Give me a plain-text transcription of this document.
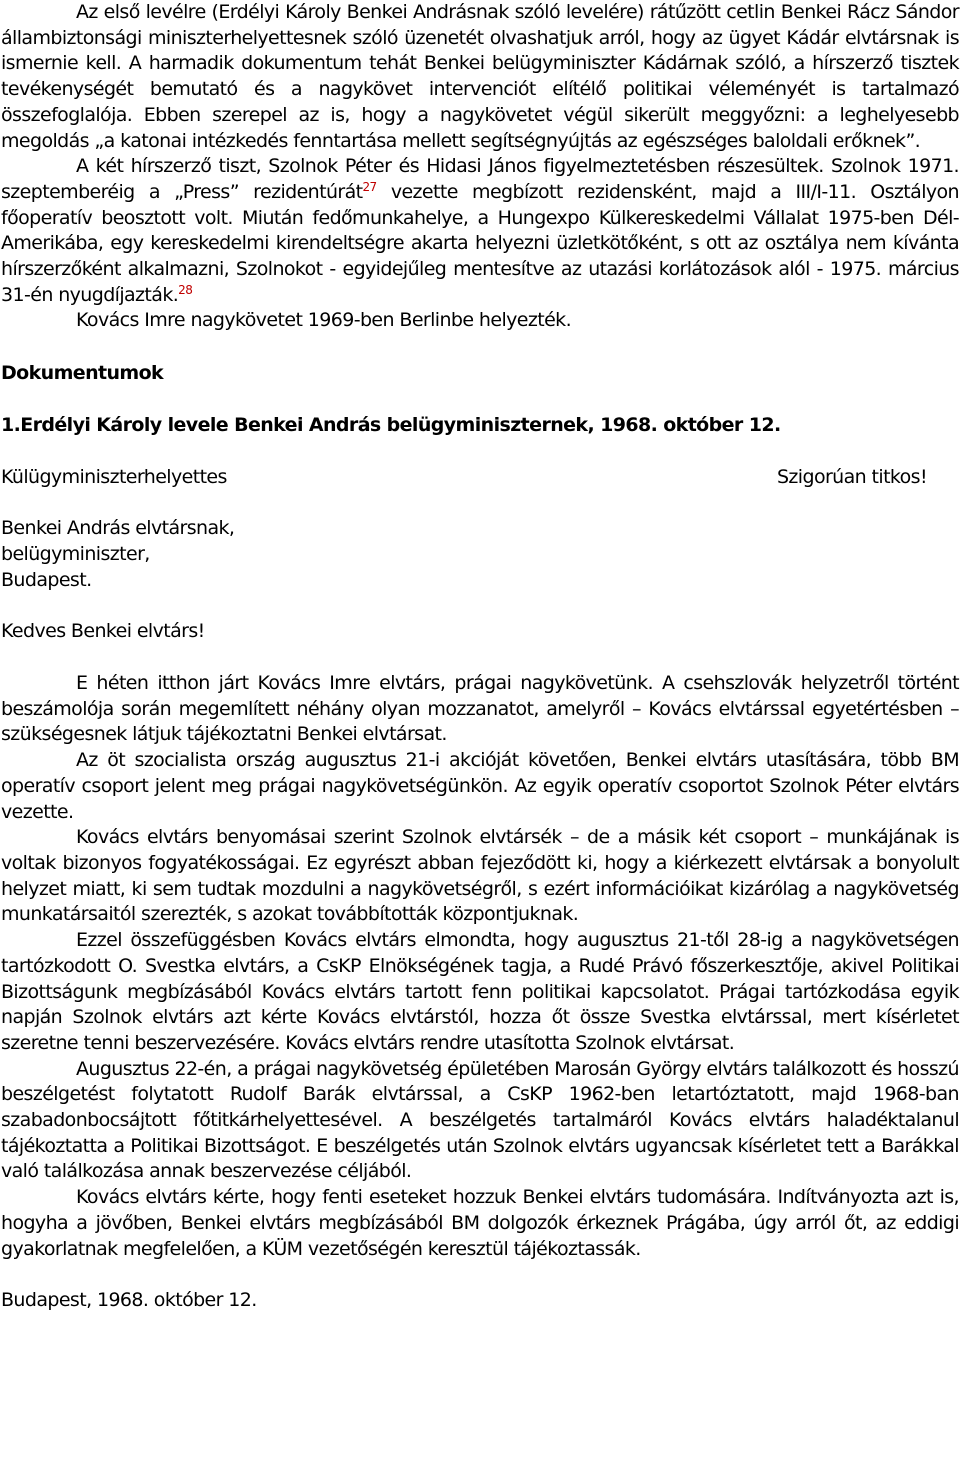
Az első levélre (Erdélyi Károly Benkei Andrásnak szóló levelére) rátűzött cetlin Benkei Rácz Sándor állambiztonsági miniszterhelyettesnek szóló üzenetét olvashatjuk arról, hogy az ügyet Kádár elvtársnak is ismernie kell. A harmadik dokumentum tehát Benkei belügyminiszter Kádárnak szóló, a hírszerző tisztek tevékenységét bemutató és a nagykövet intervenciót elítélő politikai véleményét is tartalmazó összefoglalója. Ebben szerepel az is, hogy a nagykövetet végül sikerült meggyőzni: a leghelyesebb megoldás „a katonai intézkedés fenntartása mellett segítségnyújtás az egészséges baloldali erőknek”.

A két hírszerző tiszt, Szolnok Péter és Hidasi János figyelmeztetésben részesültek. Szolnok 1971. szeptemberéig a „Press” rezidentúrát$^{27}$ vezette megbízott rezidensként, majd a III/I-11. Osztályon főoperatív beosztott volt. Miután fedőmunkahelye, a Hungexpo Külkereskedelmi Vállalat 1975-ben Dél-Amerikába, egy kereskedelmi kirendeltségre akarta helyezni üzletkötőként, s ott az osztálya nem kívánta hírszerzőként alkalmazni, Szolnokot - egyidejűleg mentesítve az utazási korlátozások alól - 1975. március 31-én nyugdíjazták.$^{28}$

Kovács Imre nagykövetet 1969-ben Berlinbe helyezték.

Dokumentumok
1.Erdélyi Károly levele Benkei András belügyminiszternek, 1968. október 12.
Külügyminiszterhelyettes	Szigorúan titkos!

Benkei András elvtársnak,

belügyminiszter,

Budapest.

Kedves Benkei elvtárs!

E héten itthon járt Kovács Imre elvtárs, prágai nagykövetünk. A csehszlovák helyzetről történt beszámolója során megemlített néhány olyan mozzanatot, amelyről – Kovács elvtárssal egyetértésben – szükségesnek látjuk tájékoztatni Benkei elvtársat.

Az öt szocialista ország augusztus 21-i akcióját követően, Benkei elvtárs utasítására, több BM operatív csoport jelent meg prágai nagykövetségünkön. Az egyik operatív csoportot Szolnok Péter elvtárs vezette.

Kovács elvtárs benyomásai szerint Szolnok elvtársék – de a másik két csoport – munkájának is voltak bizonyos fogyatékosságai. Ez egyrészt abban fejeződött ki, hogy a kiérkezett elvtársak a bonyolult helyzet miatt, ki sem tudtak mozdulni a nagykövetségről, s ezért információikat kizárólag a nagykövetség munkatársaitól szerezték, s azokat továbbították központjuknak.

Ezzel összefüggésben Kovács elvtárs elmondta, hogy augusztus 21-től 28-ig a nagykövetségen tartózkodott O. Svestka elvtárs, a CsKP Elnökségének tagja, a Rudé Právó főszerkesztője, akivel Politikai Bizottságunk megbízásából Kovács elvtárs tartott fenn politikai kapcsolatot. Prágai tartózkodása egyik napján Szolnok elvtárs azt kérte Kovács elvtárstól, hozza őt össze Svestka elvtárssal, mert kísérletet szeretne tenni beszervezésére. Kovács elvtárs rendre utasította Szolnok elvtársat.

Augusztus 22-én, a prágai nagykövetség épületében Marosán György elvtárs találkozott és hosszú beszélgetést folytatott Rudolf Barák elvtárssal, a CsKP 1962-ben letartóztatott, majd 1968-ban szabadonbocsájtott főtitkárhelyettesével. A beszélgetés tartalmáról Kovács elvtárs haladéktalanul tájékoztatta a Politikai Bizottságot. E beszélgetés után Szolnok elvtárs ugyancsak kísérletet tett a Barákkal való találkozása annak beszervezése céljából.

Kovács elvtárs kérte, hogy fenti eseteket hozzuk Benkei elvtárs tudomására. Indítványozta azt is, hogyha a jövőben, Benkei elvtárs megbízásából BM dolgozók érkeznek Prágába, úgy arról őt, az eddigi gyakorlatnak megfelelően, a KÜM vezetőségén keresztül tájékoztassák.

Budapest, 1968. október 12.
